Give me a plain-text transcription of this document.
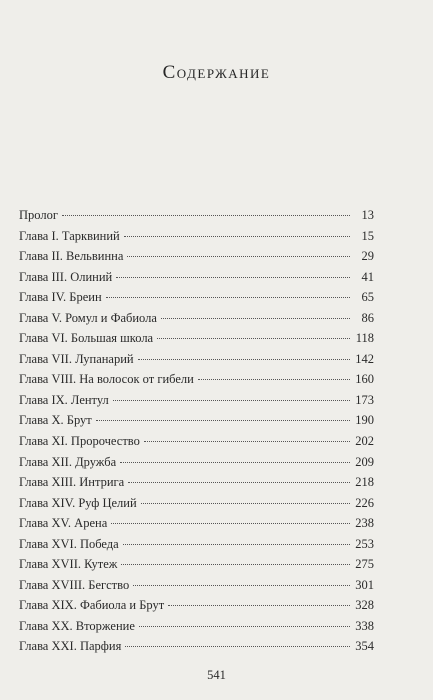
Содержание
Пролог	13
Глава I. Тарквиний	15
Глава II. Вельвинна	29
Глава III. Олиний	41
Глава IV. Бреин	65
Глава V. Ромул и Фабиола	86
Глава VI. Большая школа	118
Глава VII. Лупанарий	142
Глава VIII. На волосок от гибели	160
Глава IX. Лентул	173
Глава X. Брут	190
Глава XI. Пророчество	202
Глава XII. Дружба	209
Глава XIII. Интрига	218
Глава XIV. Руф Целий	226
Глава XV. Арена	238
Глава XVI. Победа	253
Глава XVII. Кутеж	275
Глава XVIII. Бегство	301
Глава XIX. Фабиола и Брут	328
Глава XX. Вторжение	338
Глава XXI. Парфия	354
541
